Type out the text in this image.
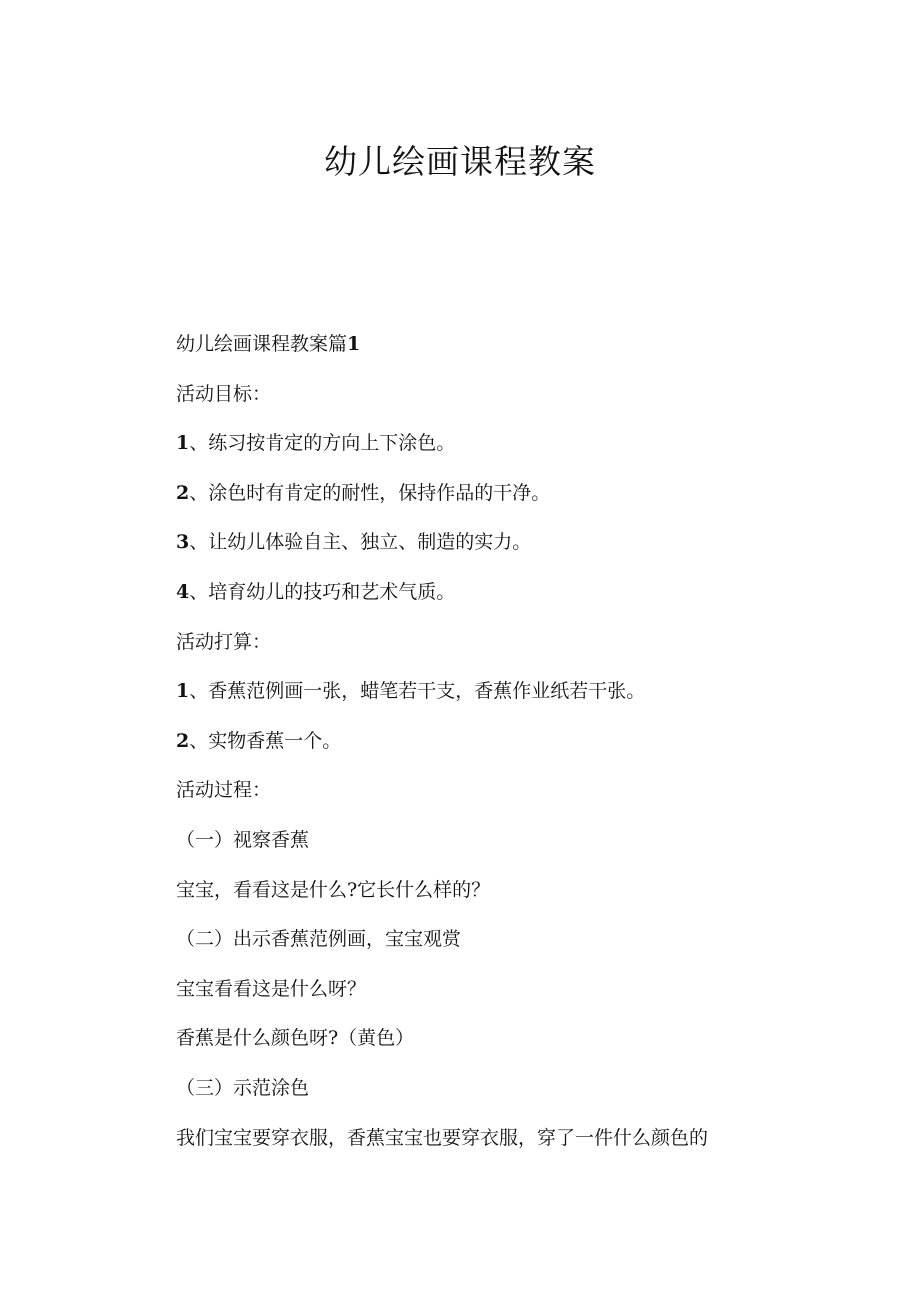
幼儿绘画课程教案

幼儿绘画课程教案篇1

活动目标：

1、练习按肯定的方向上下涂色。

2、涂色时有肯定的耐性，保持作品的干净。

3、让幼儿体验自主、独立、制造的实力。

4、培育幼儿的技巧和艺术气质。

活动打算：

1、香蕉范例画一张，蜡笔若干支，香蕉作业纸若干张。

2、实物香蕉一个。

活动过程：

（一）视察香蕉

宝宝，看看这是什么?它长什么样的？

（二）出示香蕉范例画，宝宝观赏

宝宝看看这是什么呀？

香蕉是什么颜色呀?（黄色）

（三）示范涂色

我们宝宝要穿衣服，香蕉宝宝也要穿衣服，穿了一件什么颜色的
